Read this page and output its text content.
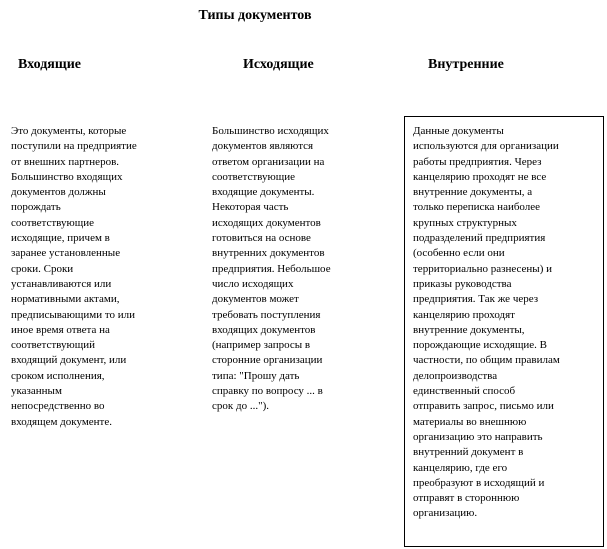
Типы документов
Входящие	Исходящие	Внутренние
Это документы, которые
поступили на предприятие
от внешних партнеров.
Большинство входящих
документов должны
порождать
соответствующие
исходящие, причем в
заранее установленные
сроки. Сроки
устанавливаются или
нормативными актами,
предписывающими то или
иное время ответа на
соответствующий
входящий документ, или
сроком исполнения,
указанным
непосредственно во
входящем документе.
Большинство исходящих
документов являются
ответом организации на
соответствующие
входящие документы.
Некоторая часть
исходящих документов
готовиться на основе
внутренних документов
предприятия. Небольшое
число исходящих
документов может
требовать поступления
входящих документов
(например запросы в
сторонние организации
типа: "Прошу дать
справку по вопросу ... в
срок до ...").
Данные документы
используются для организации
работы предприятия. Через
канцелярию проходят не все
внутренние документы, а
только переписка наиболее
крупных структурных
подразделений предприятия
(особенно если они
территориально разнесены) и
приказы руководства
предприятия. Так же через
канцелярию проходят
внутренние документы,
порождающие исходящие. В
частности, по общим правилам
делопроизводства
единственный способ
отправить запрос, письмо или
материалы во внешнюю
организацию это направить
внутренний документ в
канцелярию, где его
преобразуют в исходящий и
отправят в стороннюю
организацию.
